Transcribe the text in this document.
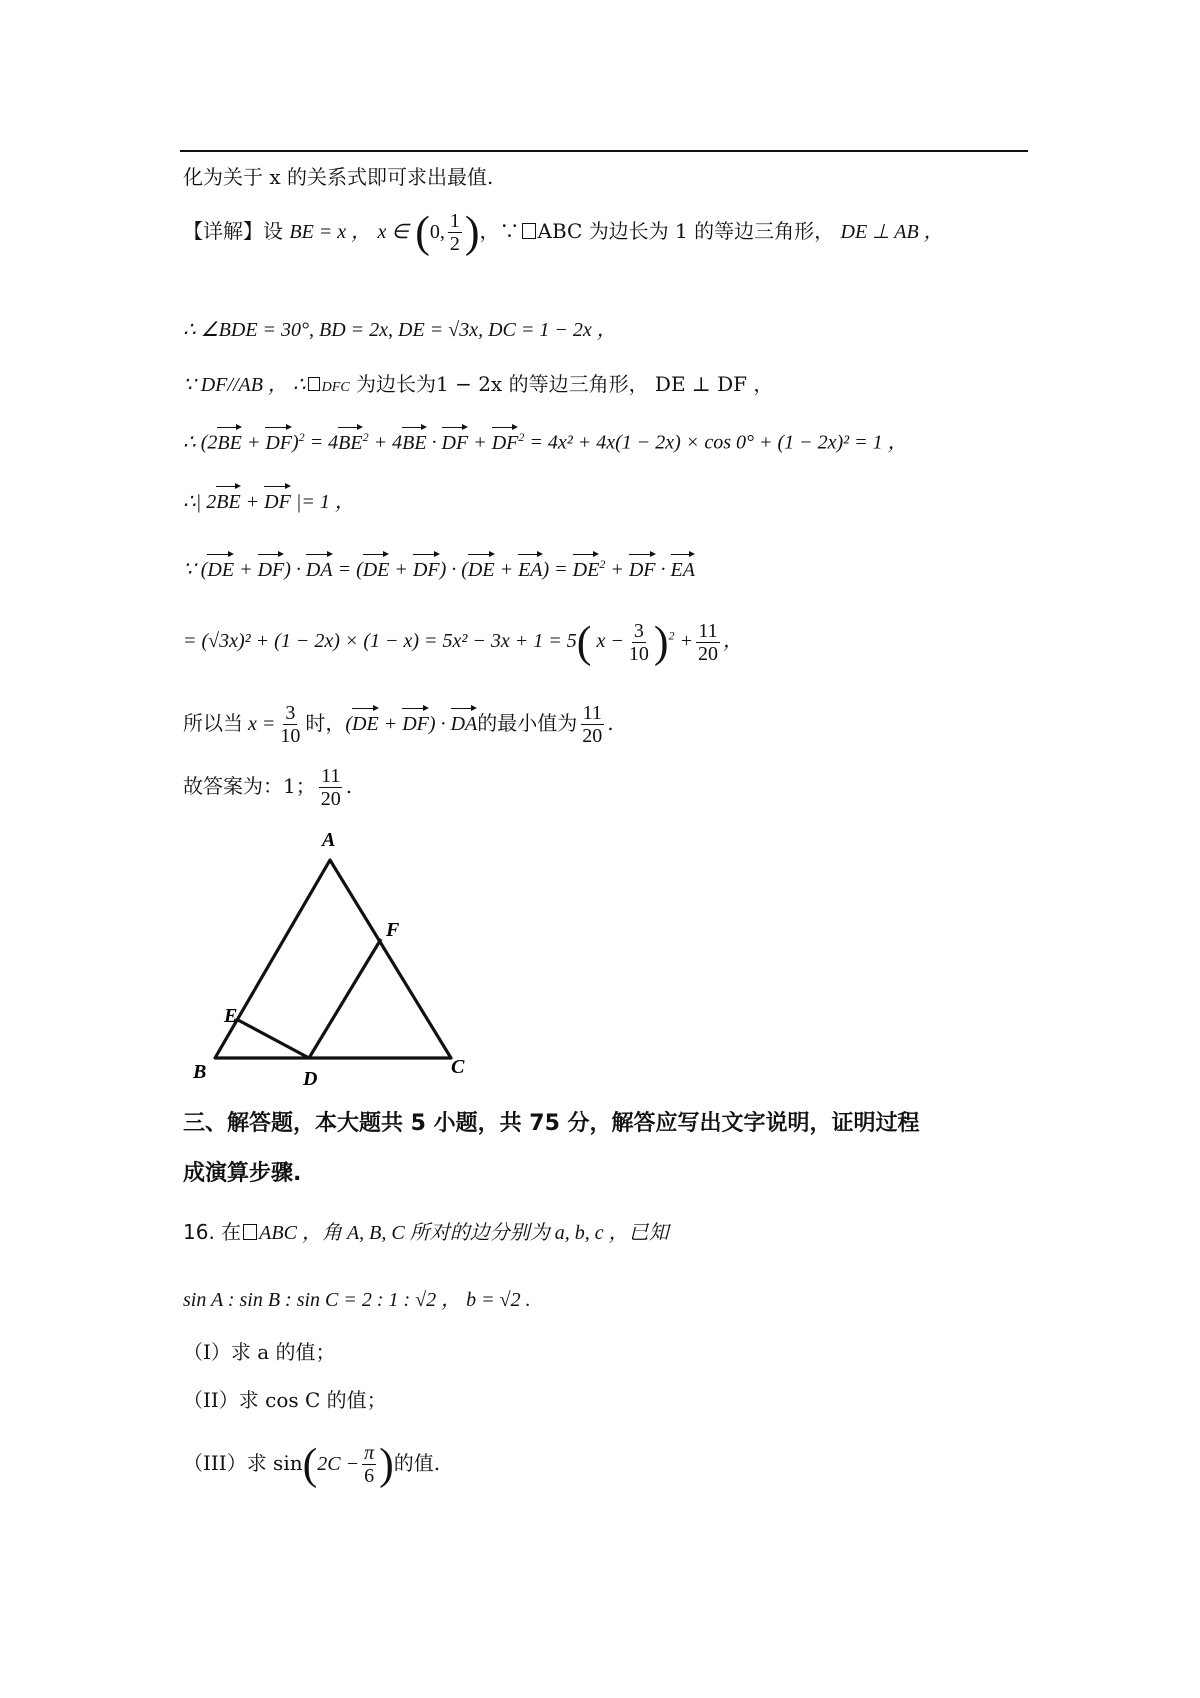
化为关于 x 的关系式即可求出最值.
【详解】设 BE = x ， x ∈ (0, $\frac{1}{2}$ )，∵ ABC 为边长为 1 的等边三角形， DE ⊥ AB ，
∴ ∠BDE = 30°, BD = 2x, DE = √3x, DC = 1 − 2x ，
∵ DF//AB ， ∴ DFC 为边长为1 − 2x 的等边三角形， DE ⊥ DF ，
∴ $(2BE + DF)^2 = 4BE^2 + 4BE$ · DF + $DF^2 = 4x^2 + 4x(1 - 2x) \times \cos 0^\circ + (1 - 2x)^2 = 1$ ，
∴| 2BE + DF |= 1 ，
∵ (DE + DF) · DA = $(DE + DF) \cdot (DE + EA) = DE^2$ + DF · EA
= (√3x)² + (1 − 2x) × (1 − x) = 5x² − 3x + 1 = 5( $x - \frac{3}{10} )^2 + \frac{11}{20}$ ，
所以当 $x = \frac{3}{10}$ 时，(DE + DF) · DA的最小值为 $\frac{11}{20}$ .
故答案为：1； $\frac{11}{20}$ .
A
F
E
B	D
C
三、解答题，本大题共 5 小题，共 75 分，解答应写出文字说明，证明过程
成演算步骤.
16. 在 ABC ，角 A, B, C 所对的边分别为 a, b, c ，已知
sin A : sin B : sin C = 2 : 1 : √2 ， b = √2 .
（I）求 a 的值；
（II）求 cos C 的值；
（III）求 $\sin(2C - \frac{\pi}{6}$ )的值.
